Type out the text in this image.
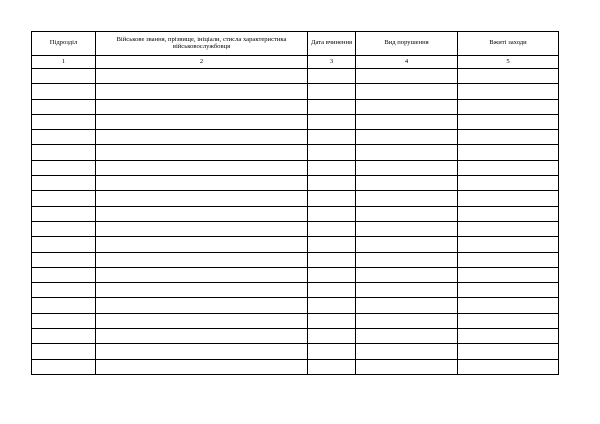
Підрозділ	Військове звання, прізвище, ініціали, стисла характеристика військовослужбовця	Дата вчинення	Вид порушення	Вжиті заходи
1	2	3	4	5
